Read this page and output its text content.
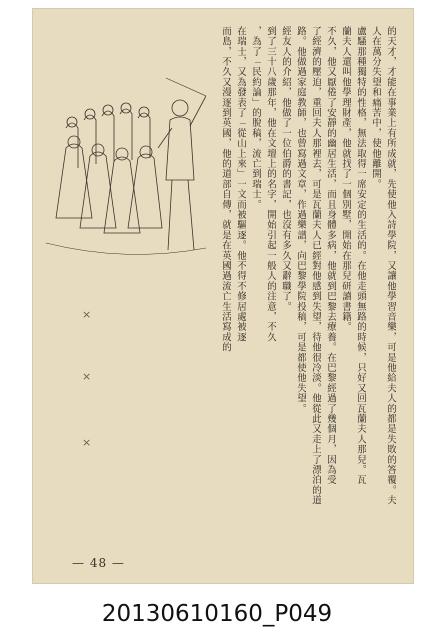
的天才，才能在事業上有所成就，先使他入詩學院，又讓他學習音樂，可是他給夫人的都是失敗的答覆。夫
人在萬分失望和痛苦中，使他離開。
盧騷那種獨特的性格，無法取得一席安定的生活的。在他走頭無路的時候，只好又回瓦蘭夫人那兒。瓦
蘭夫人還叫他學理財產，他就找了一個別墅，開始在那兒研讀書籍。
不久，他又厭倦了安靜的幽居生活，而且身體多病，他就到巴黎去療養。在巴黎經過了幾個月，因為受
了經濟的壓迫，重回夫人那裡去，可是瓦蘭夫人已經對他感到失望，待他很冷淡。他從此又走上了漂泊的道
路。他做過家庭教師，也曾寫過文章，作過樂譜，向巴黎學院投稿，可是都使他失望。
經友人的介紹，他做了一位伯爵的書記，也沒有多久又辭職了。
到了三十八歲那年，他在文壇上的名字，開始引起一般人的注意，不久
，為了「民約論」的脫稿，流亡到瑞士。
在瑞士，又為發表了「從山上來」一文而被驅逐。他不得不修居處被逐
而島，不久又漫逐到英國，他的道部自傳，就是在英國過流亡生活寫成的
×
×
×
— 48 —
20130610160_P049
